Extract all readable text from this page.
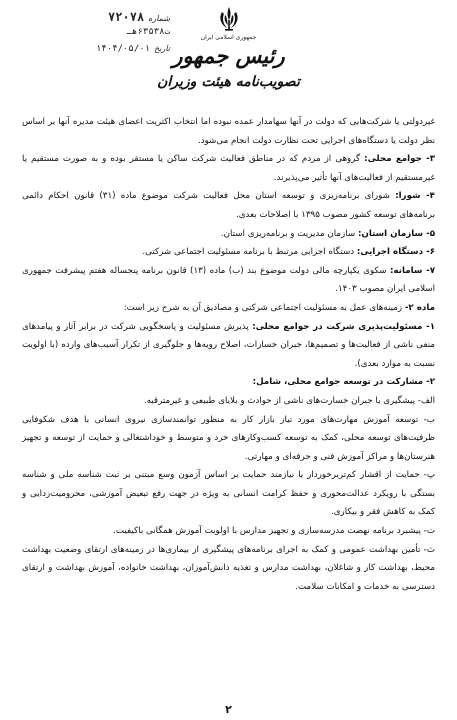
جمهوری اسلامی ایران
رئیس جمهور
تصویب‌نامه هیئت وزیران
شماره
۷۲۰۷۸
ت۶۳۵۳۸هـ
تاریخ
۱۴۰۴/۰۵/۰۱

غیردولتی یا شرکت‌هایی که دولت در آنها سهامدار عمده نبوده اما انتخاب اکثریت اعضای هیئت مدیره آنها بر اساس نظر دولت یا دستگاه‌های اجرایی تحت نظارت دولت انجام می‌شود.

۳- جوامع محلی: گروهی از مردم که در مناطق فعالیت شرکت ساکن یا مستقر بوده و به صورت مستقیم یا غیرمستقیم از فعالیت‌های آنها تأثیر می‌پذیرند.

۴- شورا: شورای برنامه‌ریزی و توسعه استان محل فعالیت شرکت موضوع ماده (۳۱) قانون احکام دائمی برنامه‌های توسعه کشور مصوب ۱۳۹۵ با اصلاحات بعدی.

۵- سازمان استان: سازمان مدیریت و برنامه‌ریزی استان.

۶- دستگاه اجرایی: دستگاه اجرایی مرتبط با برنامه مسئولیت اجتماعی شرکتی.

۷- سامانه: سکوی یکپارچه مالی دولت موضوع بند (ب) ماده (۱۳) قانون برنامه پنجساله هفتم پیشرفت جمهوری اسلامی ایران مصوب ۱۴۰۳.

ماده ۲- زمینه‌های عمل به مسئولیت اجتماعی شرکتی و مصادیق آن به شرح زیر است:

۱- مسئولیت‌پذیری شرکت در جوامع محلی: پذیرش مسئولیت و پاسخگویی شرکت در برابر آثار و پیامدهای منفی ناشی از فعالیت‌ها و تصمیم‌ها، جبران خسارات، اصلاح رویه‌ها و جلوگیری از تکرار آسیب‌های وارده (با اولویت نسبت به موارد بعدی).

۲- مشارکت در توسعه جوامع محلی، شامل:

الف- پیشگیری یا جبران خسارت‌های ناشی از حوادث و بلایای طبیعی و غیرمترقبه.

ب- توسعه آموزش مهارت‌های مورد نیاز بازار کار به منظور توانمندسازی نیروی انسانی با هدف شکوفایی ظرفیت‌های توسعه محلی، کمک به توسعه کسب‌وکارهای خرد و متوسط و خوداشتغالی و حمایت از توسعه و تجهیز هنرستان‌ها و مراکز آموزش فنی و حرفه‌ای و مهارتی.

پ- حمایت از اقشار کم‌تربرخوردار یا نیازمند حمایت بر اساس آزمون وسع مبتنی بر ثبت شناسه ملی و شناسه بستگی با رویکرد عدالت‌محوری و حفظ کرامت انسانی به ویژه در جهت رفع تبعیض آموزشی، محرومیت‌زدایی و کمک به کاهش فقر و بیکاری.

ت- پیشبرد برنامه نهضت مدرسه‌سازی و تجهیز مدارس با اولویت آموزش همگانی باکیفیت.

ث- تأمین بهداشت عمومی و کمک به اجرای برنامه‌های پیشگیری از بیماری‌ها در زمینه‌های ارتقای وضعیت بهداشت محیط، بهداشت کار و شاغلان، بهداشت مدارس و تغذیه دانش‌آموزان، بهداشت خانواده، آموزش بهداشت و ارتقای دسترسی به خدمات و امکانات سلامت.

۲
